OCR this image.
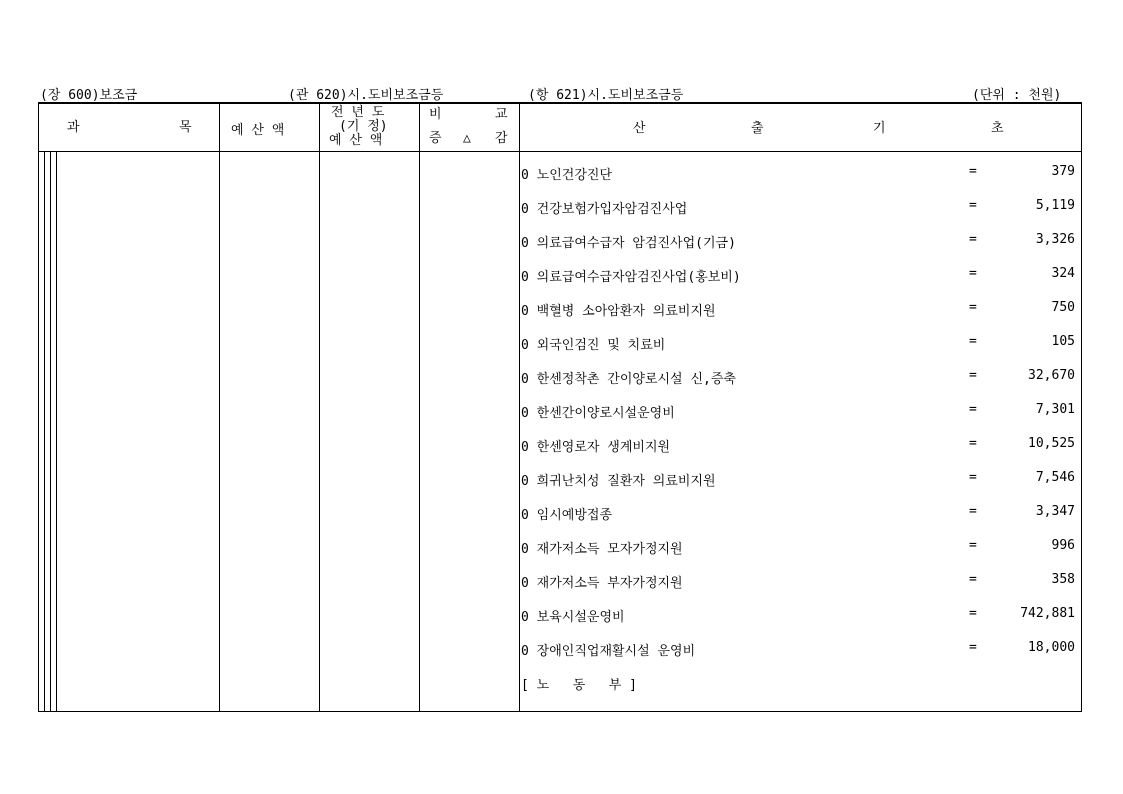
(장 600)보조금	(관 620)시.도비보조금등	(항 621)시.도비보조금등	(단위 : 천원)
과	목	예 산 액
전 년 도
(기 정)
예 산 액
비	교
증 △ 감
산	출	기	초
0 노인건강진단	=	379
0 건강보험가입자암검진사업	=	5,119
0 의료급여수급자 암검진사업(기금)	=	3,326
0 의료급여수급자암검진사업(홍보비)	=	324
0 백혈병 소아암환자 의료비지원	=	750
0 외국인검진 및 치료비	=	105
0 한센정착촌 간이양로시설 신,증축	=	32,670
0 한센간이양로시설운영비	=	7,301
0 한센영로자 생계비지원	=	10,525
0 희귀난치성 질환자 의료비지원	=	7,546
0 임시예방접종	=	3,347
0 재가저소득 모자가정지원	=	996
0 재가저소득 부자가정지원	=	358
0 보육시설운영비	=	742,881
0 장애인직업재활시설 운영비	=	18,000
[ 노   동   부 ]
